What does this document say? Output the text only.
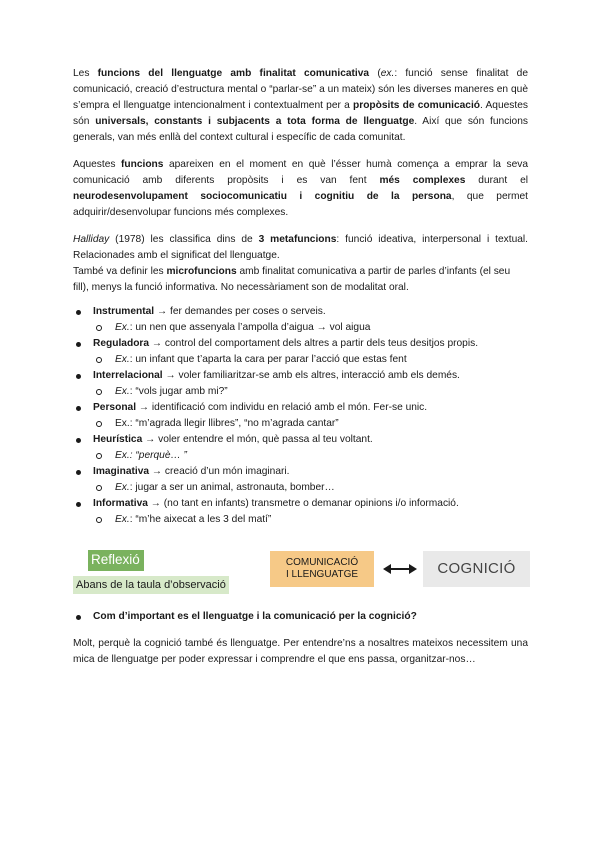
Les funcions del llenguatge amb finalitat comunicativa (ex.: funció sense finalitat de comunicació, creació d’estructura mental o “parlar-se” a un mateix) són les diverses maneres en què s’empra el llenguatge intencionalment i contextualment per a propòsits de comunicació. Aquestes són universals, constants i subjacents a tota forma de llenguatge. Així que són funcions generals, van més enllà del context cultural i específic de cada comunitat.

Aquestes funcions apareixen en el moment en què l’ésser humà comença a emprar la seva comunicació amb diferents propòsits i es van fent més complexes durant el neurodesenvolupament sociocomunicatiu i cognitiu de la persona, que permet adquirir/desenvolupar funcions més complexes.

Halliday (1978) les classifica dins de 3 metafuncions: funció ideativa, interpersonal i textual. Relacionades amb el significat del llenguatge.

També va definir les microfuncions amb finalitat comunicativa a partir de parles d’infants (el seu fill), menys la funció informativa. No necessàriament son de modalitat oral.

Instrumental → fer demandes per coses o serveis.
Ex.: un nen que assenyala l’ampolla d’aigua → vol aigua
Reguladora → control del comportament dels altres a partir dels teus desitjos propis.
Ex.: un infant que t’aparta la cara per parar l’acció que estas fent
Interrelacional → voler familiaritzar-se amb els altres, interacció amb els demés.
Ex.: “vols jugar amb mi?”
Personal → identificació com individu en relació amb el món. Fer-se unic.
Ex.: “m’agrada llegir llibres”, “no m’agrada cantar”
Heurística → voler entendre el món, què passa al teu voltant.
Ex.: “perquè… ”
Imaginativa → creació d’un món imaginari.
Ex.: jugar a ser un animal, astronauta, bomber…
Informativa → (no tant en infants) transmetre o demanar opinions i/o informació.
Ex.: “m’he aixecat a les 3 del matí”
Reflexió
Abans de la taula d’observació
COMUNICACIÓ
I LLENGUATGE	COGNICIÓ
Com d’important es el llenguatge i la comunicació per la cognició?

Molt, perquè la cognició també és llenguatge. Per entendre’ns a nosaltres mateixos necessitem una mica de llenguatge per poder expressar i comprendre el que ens passa, organitzar-nos…
